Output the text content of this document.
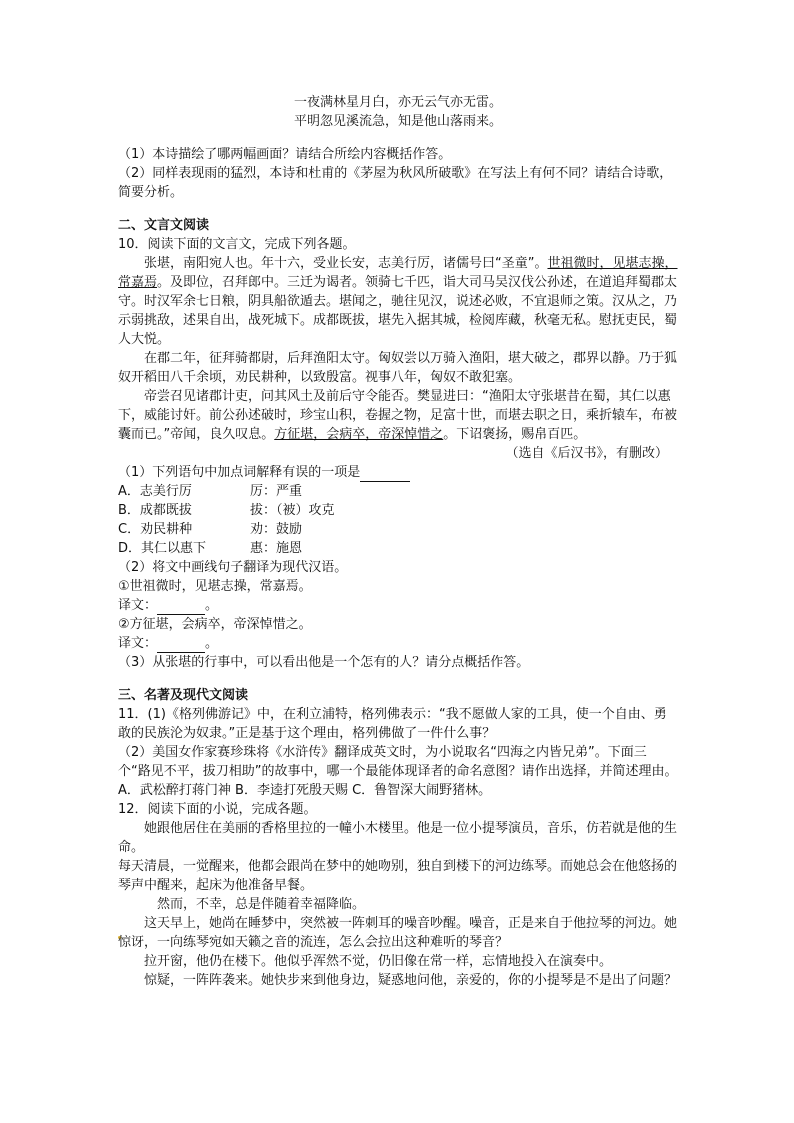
一夜满林星月白，亦无云气亦无雷。
平明忽见溪流急，知是他山落雨来。
（1）本诗描绘了哪两幅画面？请结合所绘内容概括作答。
（2）同样表现雨的猛烈，本诗和杜甫的《茅屋为秋风所破歌》在写法上有何不同？请结合诗歌，简要分析。
二、文言文阅读
10．阅读下面的文言文，完成下列各题。
张堪，南阳宛人也。年十六，受业长安，志美行厉，诸儒号曰“圣童”。世祖微时，见堪志操，常嘉焉。及即位，召拜郎中。三迁为谒者。领骑七千匹，诣大司马吴汉伐公孙述，在道追拜蜀郡太守。时汉军余七日粮，阴具船欲遁去。堪闻之，驰往见汉，说述必败，不宜退师之策。汉从之，乃示弱挑敌，述果自出，战死城下。成都既拔，堪先入据其城，检阅库藏，秋毫无私。慰抚吏民，蜀人大悦。
在郡二年，征拜骑都尉，后拜渔阳太守。匈奴尝以万骑入渔阳，堪大破之，郡界以静。乃于狐奴开稻田八千余顷，劝民耕种，以致殷富。视事八年，匈奴不敢犯塞。
帝尝召见诸郡计吏，问其风土及前后守令能否。樊显进曰：“渔阳太守张堪昔在蜀，其仁以惠下，威能讨奸。前公孙述破时，珍宝山积，卷握之物，足富十世，而堪去职之日，乘折辕车，布被囊而已。”帝闻，良久叹息。方征堪，会病卒，帝深悼惜之。下诏褒扬，赐帛百匹。
（选自《后汉书》，有删改）
（1）下列语句中加点词解释有误的一项是
A．志美行厉	厉：严重
B．成都既拔	拔：（被）攻克
C．劝民耕种	劝：鼓励
D．其仁以惠下	惠：施恩
（2）将文中画线句子翻译为现代汉语。
①世祖微时，见堪志操，常嘉焉。
译文：	。
②方征堪，会病卒，帝深悼惜之。
译文：	。
（3）从张堪的行事中，可以看出他是一个怎有的人？请分点概括作答。
三、名著及现代文阅读
11．(1)《格列佛游记》中，在利立浦特，格列佛表示：“我不愿做人家的工具，使一个自由、勇敢的民族沦为奴隶。”正是基于这个理由，格列佛做了一件什么事？
（2）美国女作家赛珍珠将《水浒传》翻译成英文时，为小说取名“四海之内皆兄弟”。下面三个“路见不平，拔刀相助”的故事中，哪一个最能体现译者的命名意图？请作出选择，并简述理由。
A．武松醉打蒋门神 B．李逵打死殷天赐 C．鲁智深大闹野猪林。
12．阅读下面的小说，完成各题。
她跟他居住在美丽的香格里拉的一幢小木楼里。他是一位小提琴演员，音乐，仿若就是他的生命。
每天清晨，一觉醒来，他都会跟尚在梦中的她吻别，独自到楼下的河边练琴。而她总会在他悠扬的琴声中醒来，起床为他准备早餐。
然而，不幸，总是伴随着幸福降临。
这天早上，她尚在睡梦中，突然被一阵刺耳的噪音吵醒。噪音，正是来自于他拉琴的河边。她惊讶，一向练琴宛如天籁之音的流连，怎么会拉出这种难听的琴音？
拉开窗，他仍在楼下。他似乎浑然不觉，仍旧像在常一样，忘情地投入在演奏中。
惊疑，一阵阵袭来。她快步来到他身边，疑惑地问他，亲爱的，你的小提琴是不是出了问题？
